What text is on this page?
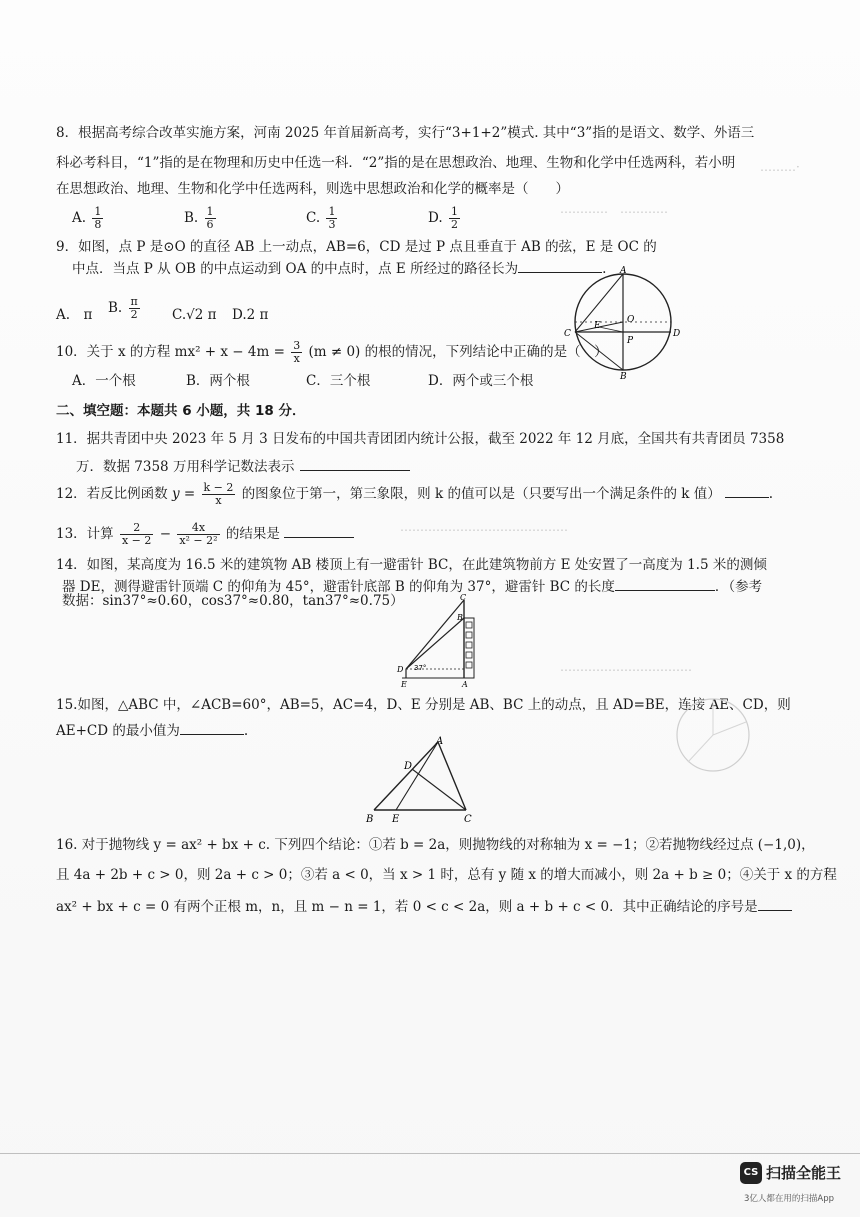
………·
…………　…………
……………………………………
……………………………
8．根据高考综合改革实施方案，河南 2025 年首届新高考，实行“3+1+2”模式. 其中“3”指的是语文、数学、外语三
科必考科目，“1”指的是在物理和历史中任选一科．“2”指的是在思想政治、地理、生物和化学中任选两科，若小明
在思想政治、地理、生物和化学中任选两科，则选中思想政治和化学的概率是（　　）
A. $\frac{1}{8}$	B. $\frac{1}{6}$	C. $\frac{1}{3}$	D. $\frac{1}{2}$
9．如图，点 P 是⊙O 的直径 AB 上一动点，AB=6，CD 是过 P 点且垂直于 AB 的弦，E 是 OC 的
中点．当点 P 从 OB 的中点运动到 OA 的中点时，点 E 所经过的路径长为	.
A.　π B. $\frac{\pi}{2} C.√2$ π D.2 π
A
B
C	D
E
O
P
10．关于 x 的方程 $mx^2 + x - 4m = \frac{3}{x} (m \ne 0)$ 的根的情况，下列结论中正确的是（　）
A．一个根	B．两个根	C．三个根	D．两个或三个根
二、填空题：本题共 6 小题，共 18 分．
11．据共青团中央 2023 年 5 月 3 日发布的中国共青团团内统计公报，截至 2022 年 12 月底，全国共有共青团员 7358
万．数据 7358 万用科学记数法表示
12．若反比例函数 $y = \frac{k - 2}{x}$ 的图象位于第一，第三象限，则 k 的值可以是（只要写出一个满足条件的 k 值）	.
13．计算 $\frac{2}{x - 2} - \frac{4x}{\text{x² − 2²}}$ 的结果是
14．如图，某高度为 16.5 米的建筑物 AB 楼顶上有一避雷针 BC，在此建筑物前方 E 处安置了一高度为 1.5 米的测倾
器 DE，测得避雷针顶端 C 的仰角为 45°，避雷针底部 B 的仰角为 37°，避雷针 BC 的长度	．（参考
数据：sin37°≈0.60，cos37°≈0.80，tan37°≈0.75）	C
B
D
E	A
37°
15.如图，△ABC 中，∠ACB=60°，AB=5，AC=4，D、E 分别是 AB、BC 上的动点，且 AD=BE，连接 AE、CD，则
AE+CD 的最小值为	.
A
B	C
D
E
16. 对于抛物线 y = ax² + bx + c. 下列四个结论：①若 b = 2a，则抛物线的对称轴为 x = −1；②若抛物线经过点 (−1,0)，
且 4a + 2b + c > 0，则 2a + c > 0；③若 a < 0，当 x > 1 时，总有 y 随 x 的增大而减小，则 2a + b ≥ 0；④关于 x 的方程
ax² + bx + c = 0 有两个正根 m，n，且 m − n = 1，若 0 < c < 2a，则 a + b + c < 0．其中正确结论的序号是
CS 扫描全能王
3亿人都在用的扫描App
